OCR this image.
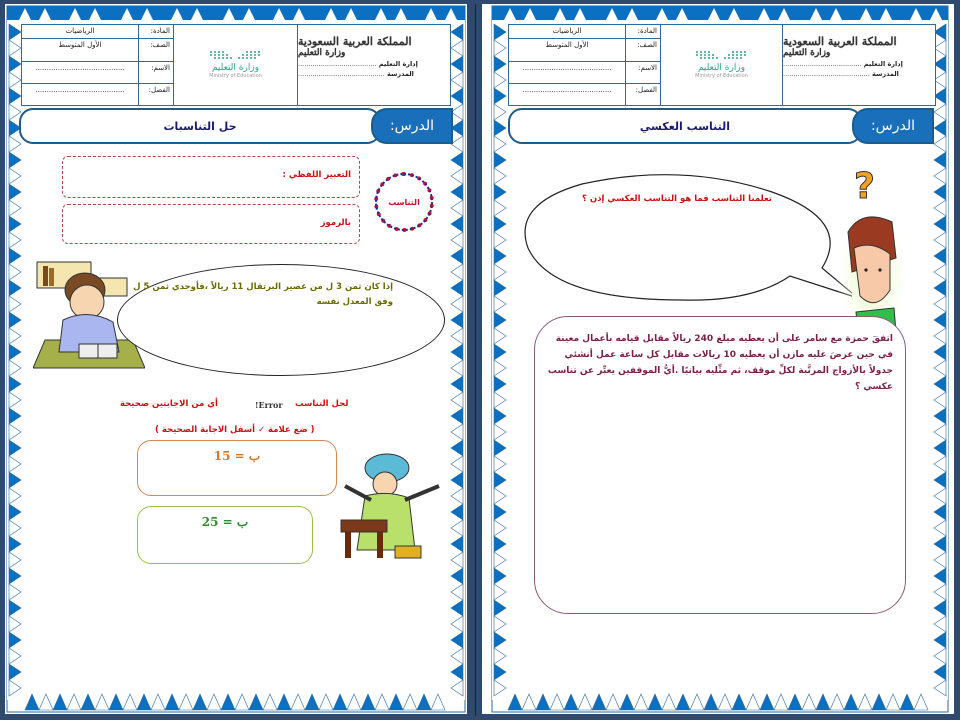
الرياضيات	المادة:
الأول المتوسط	الصف:
........................................	الاسم:
........................................	الفصل:
وزارة التعليم
Ministry of Education
المملكة العربية السعودية
وزارة التعليم
إدارة التعليم ......................................
المدرسة ..........................................
حل التناسبات	الدرس:
التعبير اللفظي :
بالرموز
التناسب
إذا كان ثمن 3 ل من عصير البرتقال 11 ريالاً ،فأوجدي ثمن 5 ل وفق المعدل نفسه
لحل التناسب
Error!
أي من الاجابتين صحيحة
( ضع علامة ✓ أسفل الاجابة الصحيحة )
ب = 15
ب = 25
الرياضيات	المادة:
الأول المتوسط	الصف:
........................................	الاسم:
........................................	الفصل:
وزارة التعليم
Ministry of Education
المملكة العربية السعودية
وزارة التعليم
إدارة التعليم ......................................
المدرسة ..........................................
التناسب العكسي	الدرس:
تعلمنا التناسب فما هو التناسب العكسي إذن ؟ ?

اتفقَ حمزة مع سامر على أن يعطيه مبلغ 240 ريالاً مقابل قيامه بأعمال معينة في حين عرضَ عليه مازن أن يعطيه 10 ريالات مقابل كل ساعة عمل أنشئي جدولاً بالأزواج المرتَّبة لكلِّ موقف، ثم مثِّليه بيانيًا .أيُّ الموقفين يعبِّر عن تناسب عكسي ؟
